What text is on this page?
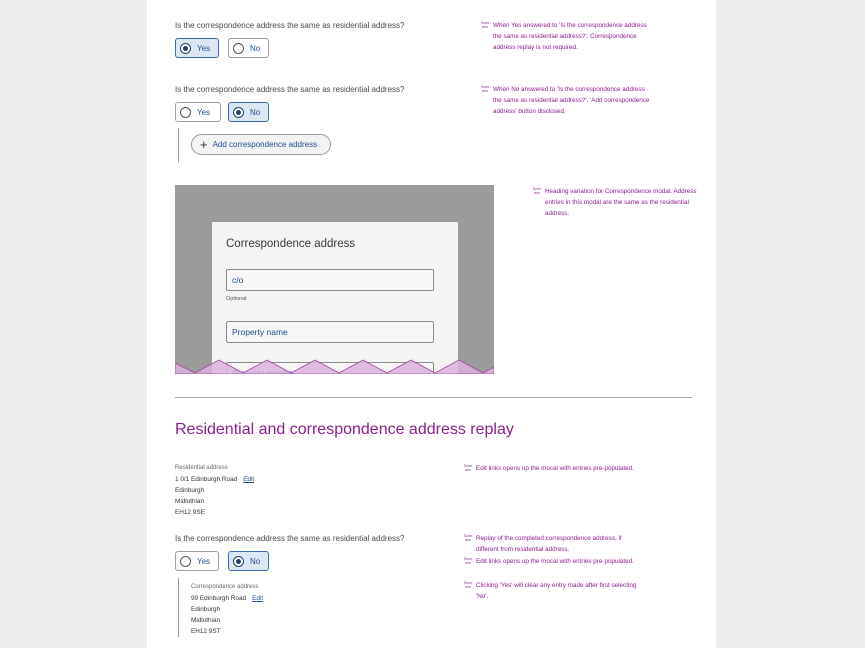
Is the correspondence address the same as residential address?
Yes	No
Scen
ario When Yes answered to 'Is the correspondence address the same as residential address?'. Correspondence address replay is not required.
Is the correspondence address the same as residential address?
Yes	No
Scen
ario When No answered to 'Is the correspondence address the same as residential address?'. 'Add correspondence address' button disclosed.
+ Add correspondence address
Correspondence address
c/o
Optional
Property name
Scen
ario Heading variation for Correspondence modal. Address entries in this modal are the same as the residential address.
Residential and correspondence address replay
Residential address
1 0/1 Edinburgh Road Edit
Edinburgh
Midlothian
EH12 9SE
Scen
ario Edit links opens up the mocal with entries pre-populated.
Is the correspondence address the same as residential address?
Yes	No
Correspondence address
99 Edinburgh Road Edit
Edinburgh
Midlothian
EH12 9ST
Scen
ario Replay of the completed correspondence address, if different from residential address.
Scen
ario Edit links opens up the mocal with entries pre-populated.
Scen
ario Clicking 'Yes' will clear any entry made after first selecting 'No'.
